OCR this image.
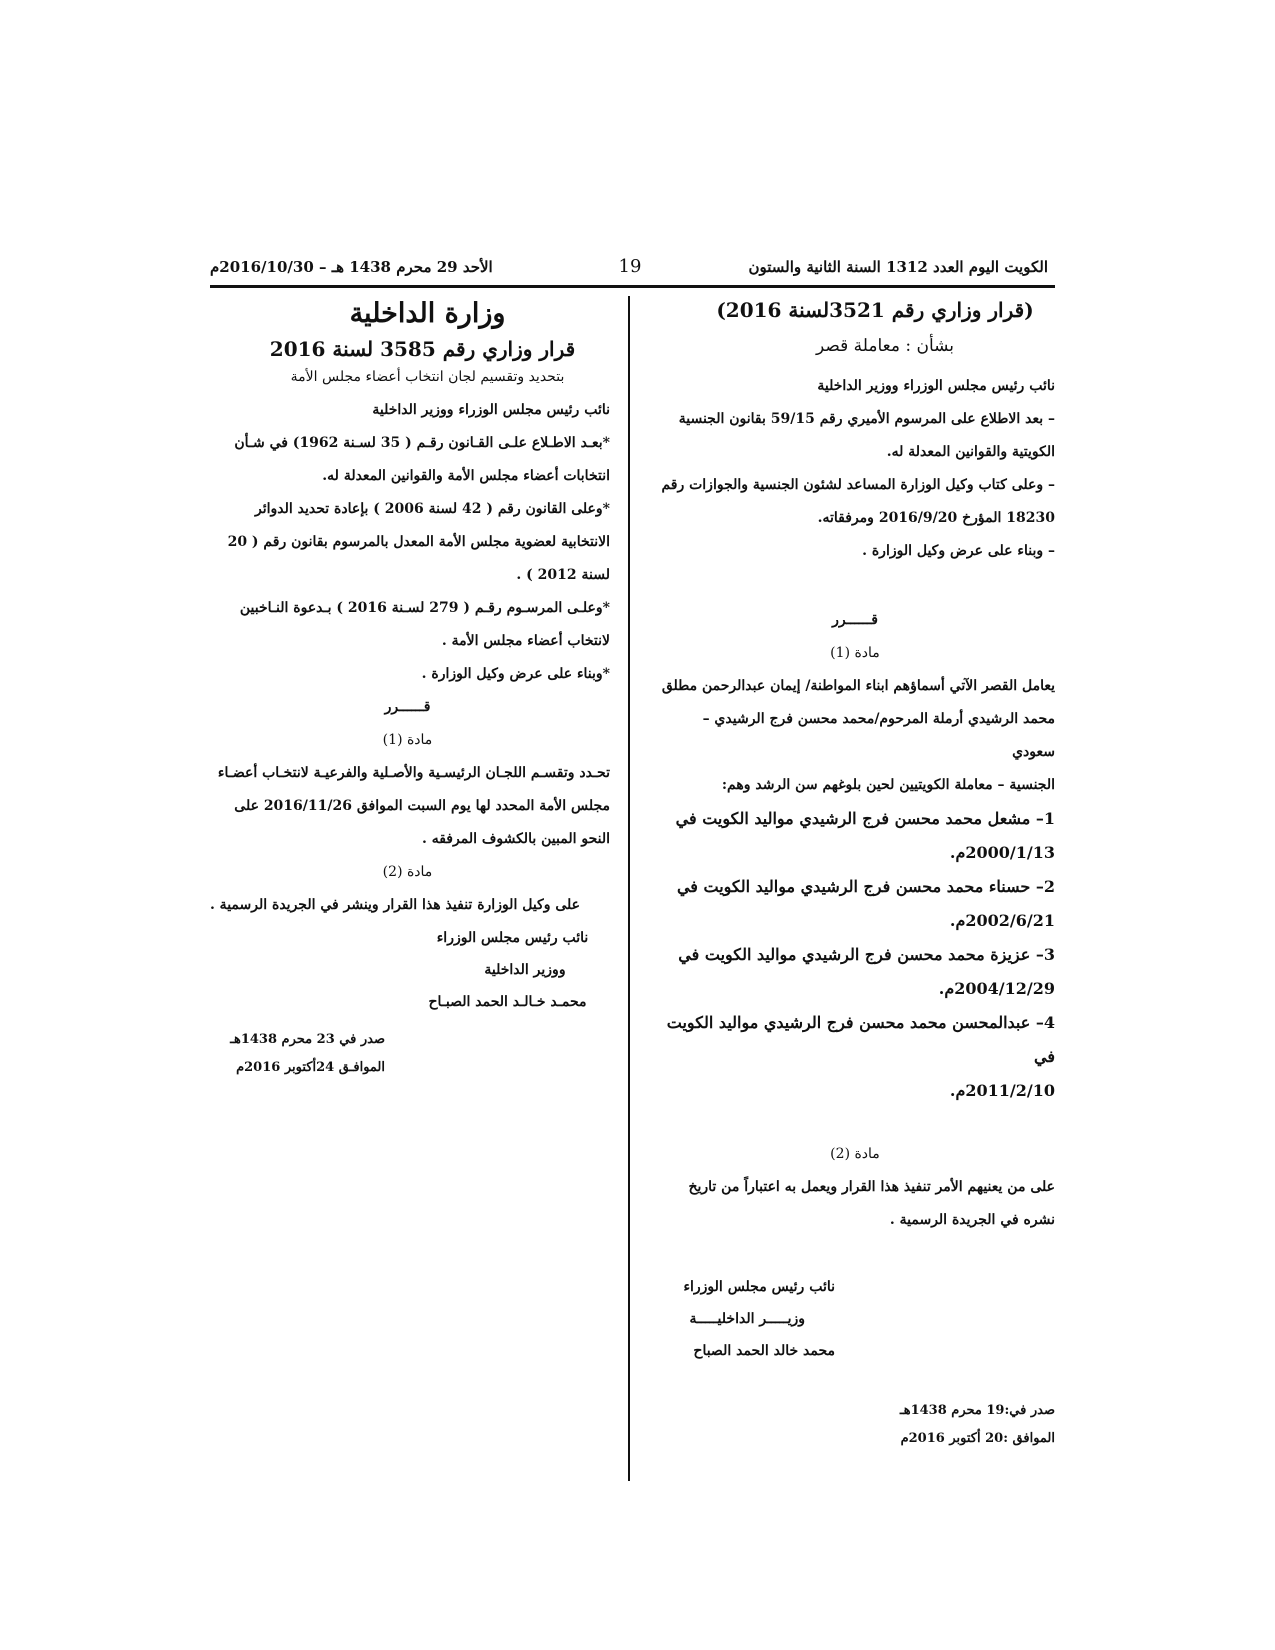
الكويت اليوم العدد 1312 السنة الثانية والستون
19
الأحد 29 محرم 1438 هـ – 2016/10/30م

(قرار وزاري رقم 3521لسنة 2016)

بشأن : معاملة قصر

نائب رئيس مجلس الوزراء ووزير الداخلية

– بعد الاطلاع على المرسوم الأميري رقم 59/15 بقانون الجنسية

الكويتية والقوانين المعدلة له.

– وعلى كتاب وكيل الوزارة المساعد لشئون الجنسية والجوازات رقم

18230 المؤرخ 2016/9/20 ومرفقاته.

– وبناء على عرض وكيل الوزارة .

قــــــرر

مادة (1)

يعامل القصر الآتي أسماؤهم ابناء المواطنة/ إيمان عبدالرحمن مطلق

محمد الرشيدي أرملة المرحوم/محمد محسن فرج الرشيدي – سعودي

الجنسية – معاملة الكويتيين لحين بلوغهم سن الرشد وهم:

1– مشعل محمد محسن فرج الرشيدي مواليد الكويت في

2000/1/13م.

2– حسناء محمد محسن فرج الرشيدي مواليد الكويت في

2002/6/21م.

3– عزيزة محمد محسن فرج الرشيدي مواليد الكويت في

2004/12/29م.

4– عبدالمحسن محمد محسن فرج الرشيدي مواليد الكويت في

2011/2/10م.

مادة (2)

على من يعنيهم الأمر تنفيذ هذا القرار ويعمل به اعتباراً من تاريخ

نشره في الجريدة الرسمية .

نائب رئيس مجلس الوزراء

وزيـــــر الداخليـــــة

محمد خالد الحمد الصباح

صدر في:19 محرم 1438هـ

الموافق :20 أكتوبر 2016م

وزارة الداخلية

قرار وزاري رقم 3585 لسنة 2016

بتحديد وتقسيم لجان انتخاب أعضاء مجلس الأمة

نائب رئيس مجلس الوزراء ووزير الداخلية

*بعـد الاطـلاع علـى القـانون رقـم ( 35 لسـنة 1962) في شـأن

انتخابات أعضاء مجلس الأمة والقوانين المعدلة له.

*وعلى القانون رقم ( 42 لسنة 2006 ) بإعادة تحديد الدوائر

الانتخابية لعضوية مجلس الأمة المعدل بالمرسوم بقانون رقم ( 20

لسنة 2012 ) .

*وعلـى المرسـوم رقـم ( 279 لسـنة 2016 ) بـدعوة النـاخبين

لانتخاب أعضاء مجلس الأمة .

*وبناء على عرض وكيل الوزارة .

قــــــرر

مادة (1)

تحـدد وتقسـم اللجـان الرئيسـية والأصـلية والفرعيـة لانتخـاب أعضـاء

مجلس الأمة المحدد لها يوم السبت الموافق 2016/11/26 على

النحو المبين بالكشوف المرفقه .

مادة (2)

على وكيل الوزارة تنفيذ هذا القرار وينشر في الجريدة الرسمية .

نائب رئيس مجلس الوزراء

ووزير الداخلية

محمـد خـالـد الحمد الصبـاح

صدر في 23 محرم 1438هـ

الموافـق 24أكتوبر 2016م
